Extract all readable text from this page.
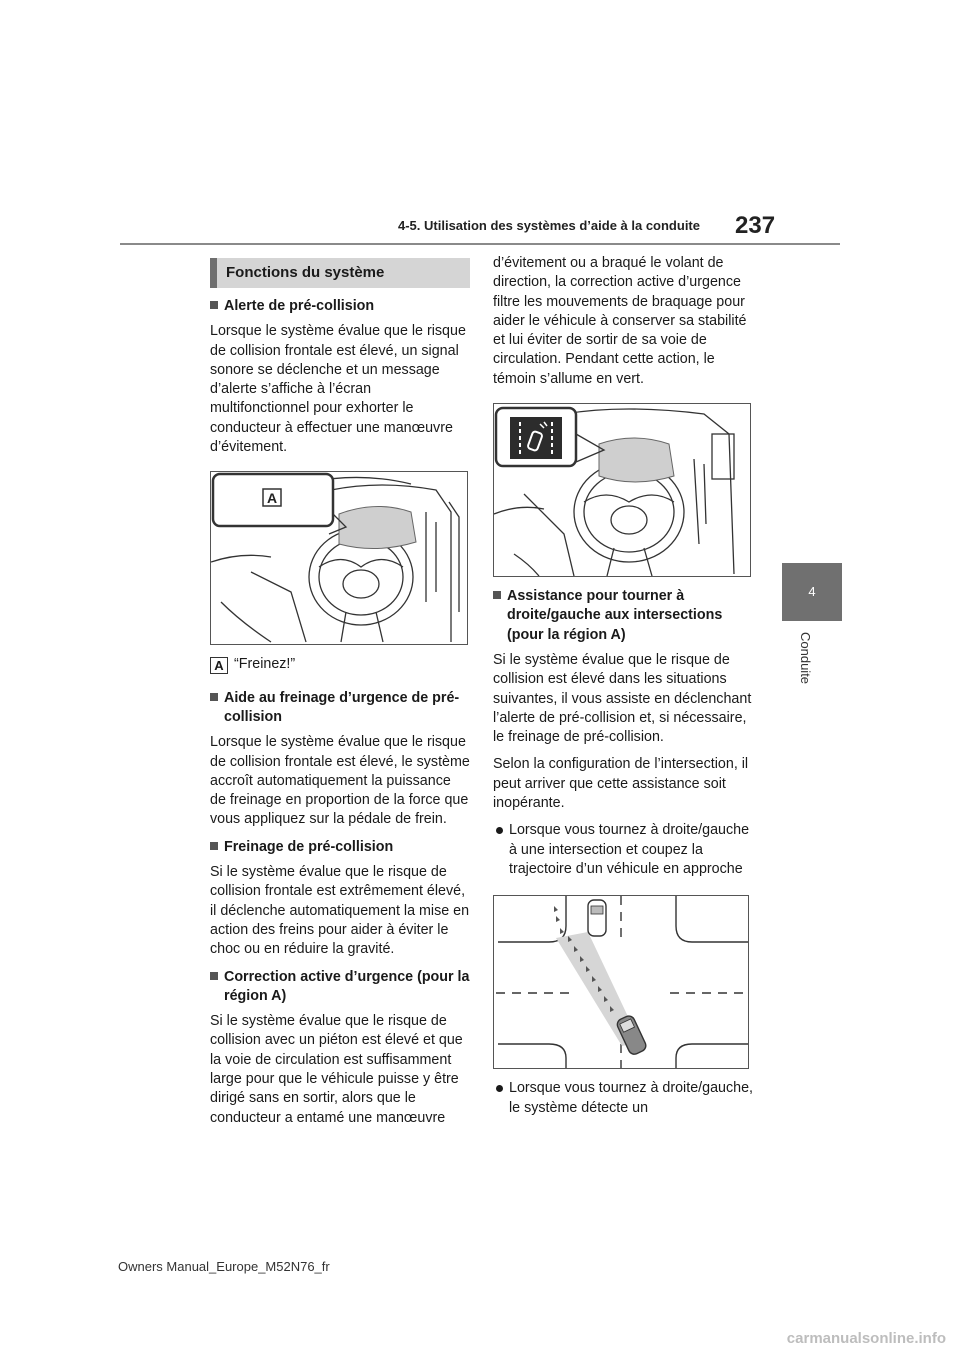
4-5. Utilisation des systèmes d’aide à la conduite 237
4
Conduite
Fonctions du système
Alerte de pré-collision

Lorsque le système évalue que le risque de collision frontale est élevé, un signal sonore se déclenche et un message d’alerte s’affiche à l’écran multifonctionnel pour exhorter le conducteur à effectuer une manœuvre d’évitement.

A
A “Freinez!”
Aide au freinage d’urgence de pré-collision

Lorsque le système évalue que le risque de collision frontale est élevé, le système accroît automatiquement la puissance de freinage en proportion de la force que vous appliquez sur la pédale de frein.

Freinage de pré-collision

Si le système évalue que le risque de collision frontale est extrêmement élevé, il déclenche automatiquement la mise en action des freins pour aider à éviter le choc ou en réduire la gravité.

Correction active d’urgence (pour la région A)

Si le système évalue que le risque de collision avec un piéton est élevé et que la voie de circulation est suffisamment large pour que le véhicule puisse y être dirigé sans en sortir, alors que le conducteur a entamé une manœuvre

d’évitement ou a braqué le volant de direction, la correction active d’urgence filtre les mouvements de braquage pour aider le véhicule à conserver sa stabilité et lui éviter de sortir de sa voie de circulation. Pendant cette action, le témoin s’allume en vert.

Assistance pour tourner à droite/gauche aux intersections (pour la région A)

Si le système évalue que le risque de collision est élevé dans les situations suivantes, il vous assiste en déclenchant l’alerte de pré-collision et, si nécessaire, le freinage de pré-collision.

Selon la configuration de l’intersection, il peut arriver que cette assistance soit inopérante.

Lorsque vous tournez à droite/gauche à une intersection et coupez la trajectoire d’un véhicule en approche
Lorsque vous tournez à droite/gauche, le système détecte un
Owners Manual_Europe_M52N76_fr
carmanualsonline.info
